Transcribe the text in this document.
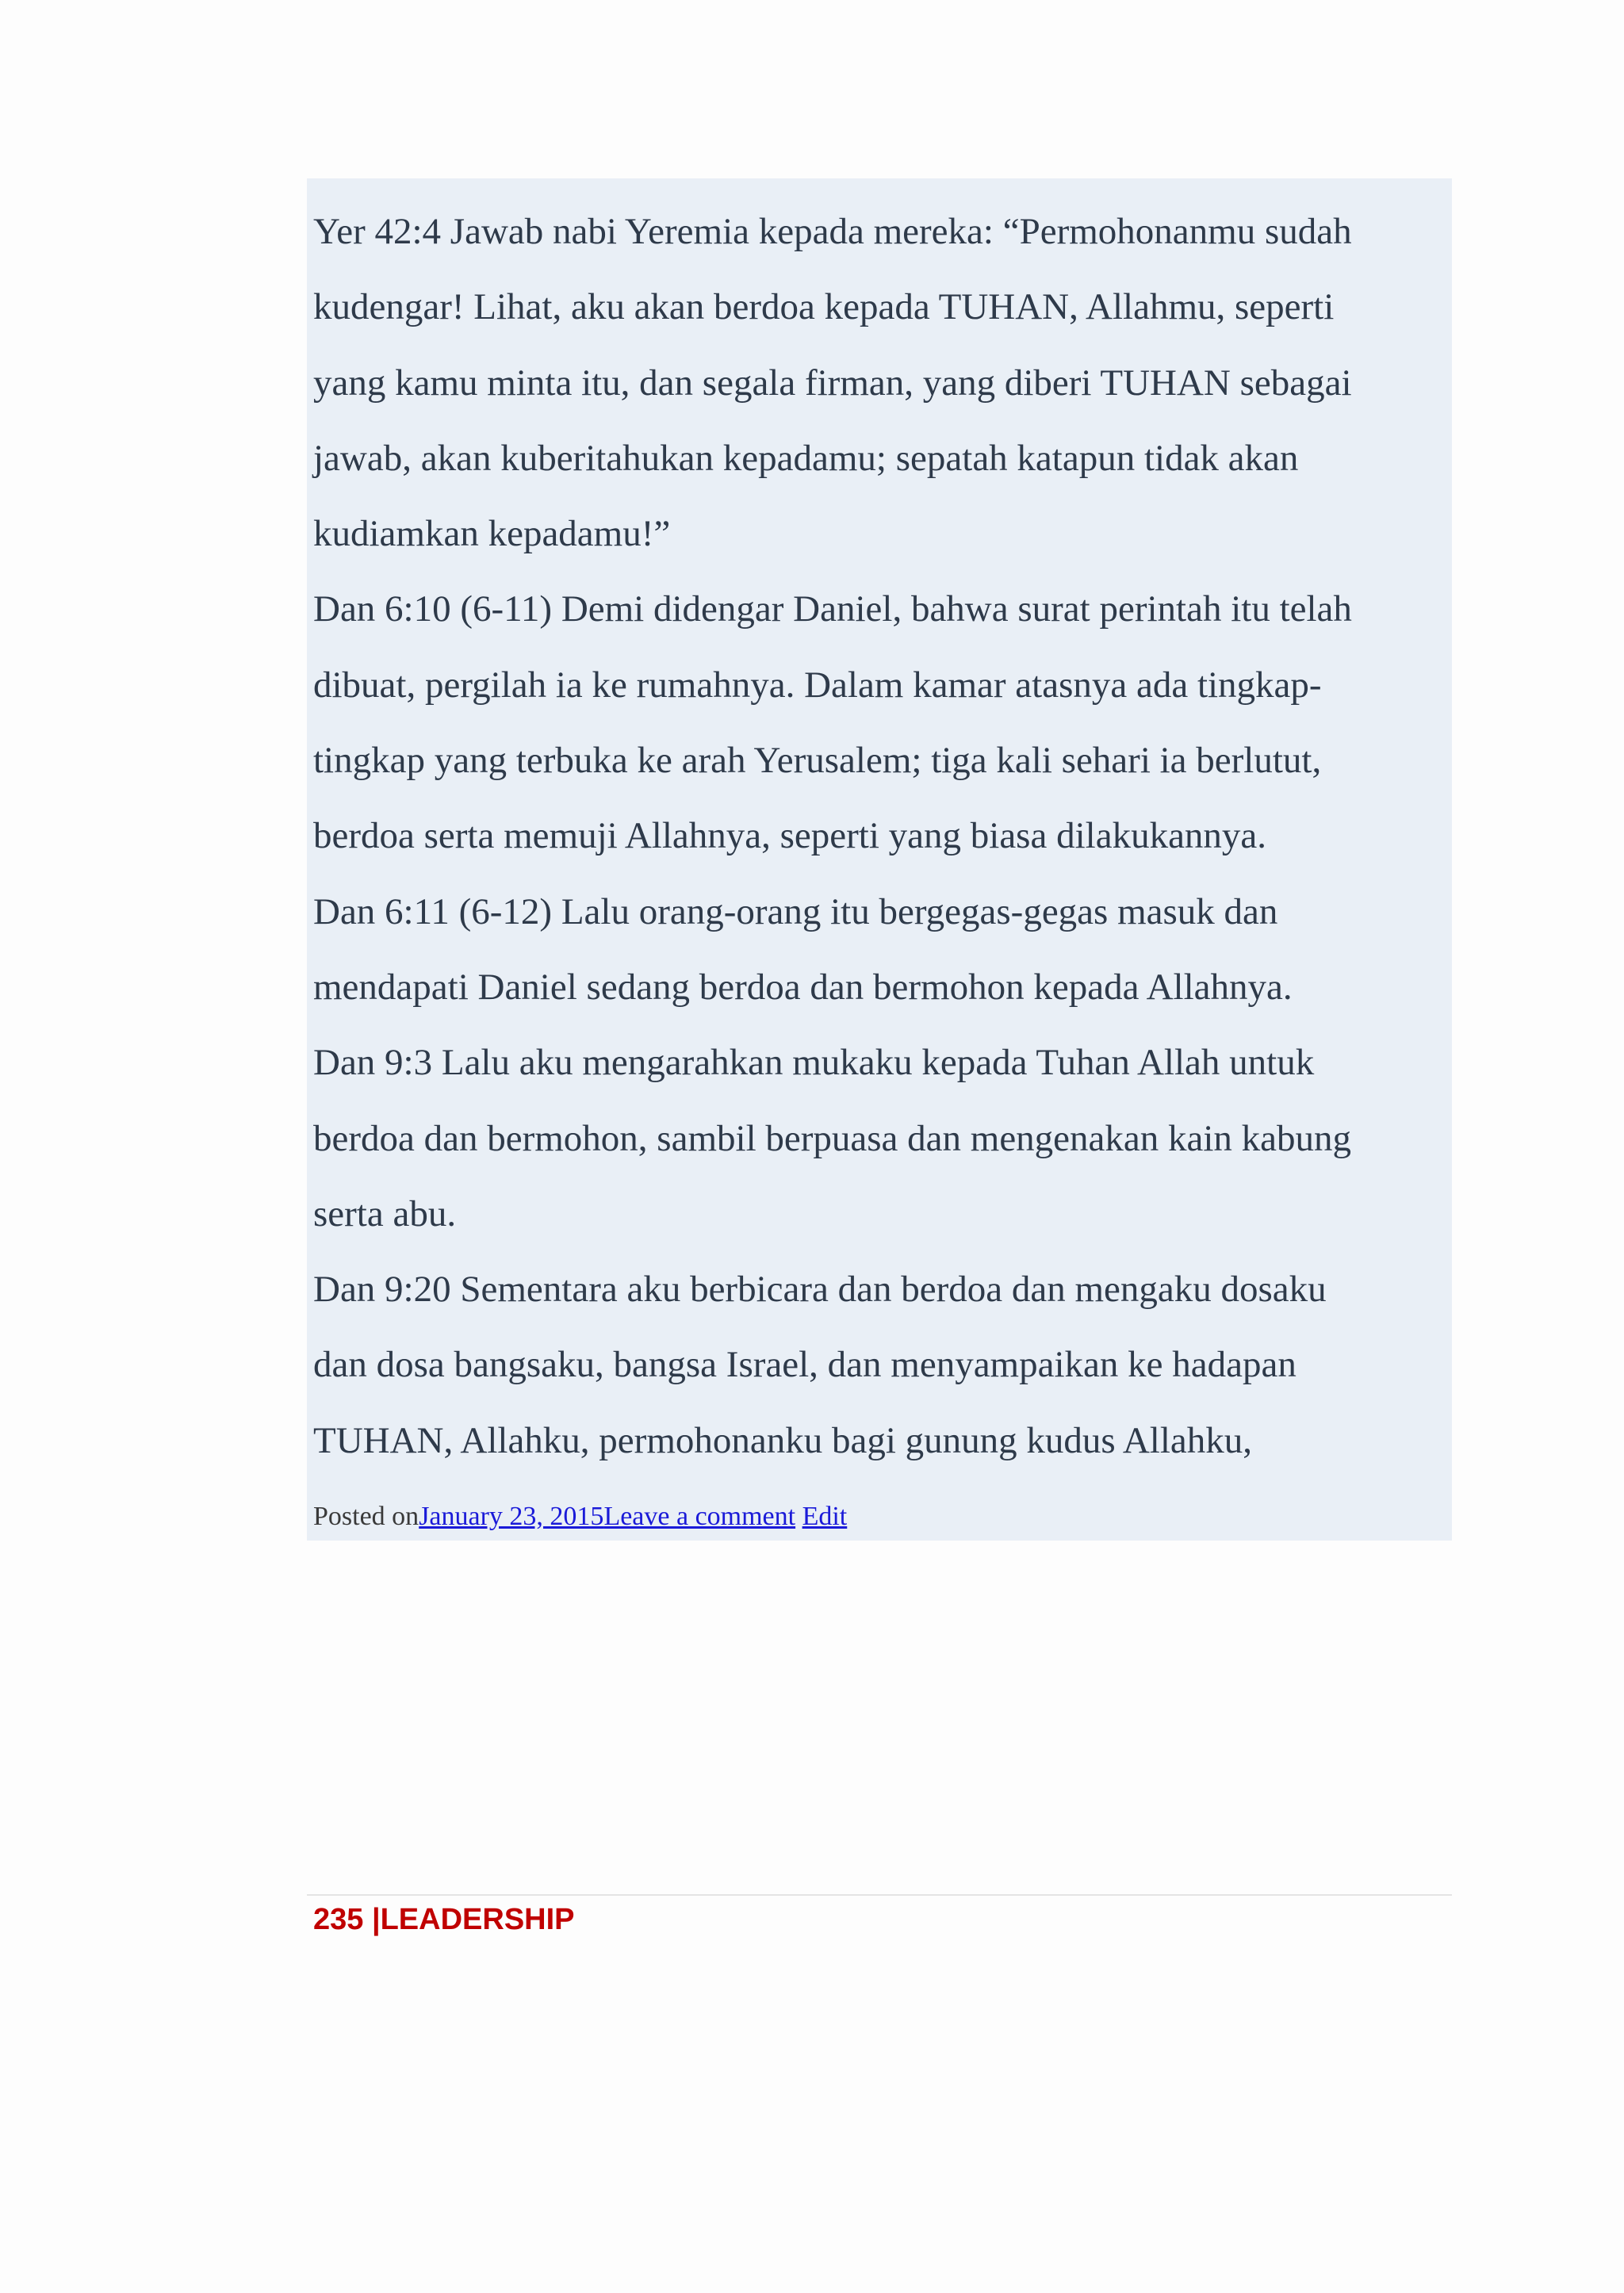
Yer 42:4 Jawab nabi Yeremia kepada mereka: “Permohonanmu sudah
kudengar! Lihat, aku akan berdoa kepada TUHAN, Allahmu, seperti
yang kamu minta itu, dan segala firman, yang diberi TUHAN sebagai
jawab, akan kuberitahukan kepadamu; sepatah katapun tidak akan
kudiamkan kepadamu!”
Dan 6:10 (6-11) Demi didengar Daniel, bahwa surat perintah itu telah
dibuat, pergilah ia ke rumahnya. Dalam kamar atasnya ada tingkap-
tingkap yang terbuka ke arah Yerusalem; tiga kali sehari ia berlutut,
berdoa serta memuji Allahnya, seperti yang biasa dilakukannya.
Dan 6:11 (6-12) Lalu orang-orang itu bergegas-gegas masuk dan
mendapati Daniel sedang berdoa dan bermohon kepada Allahnya.
Dan 9:3 Lalu aku mengarahkan mukaku kepada Tuhan Allah untuk
berdoa dan bermohon, sambil berpuasa dan mengenakan kain kabung
serta abu.
Dan 9:20 Sementara aku berbicara dan berdoa dan mengaku dosaku
dan dosa bangsaku, bangsa Israel, dan menyampaikan ke hadapan
TUHAN, Allahku, permohonanku bagi gunung kudus Allahku,
Posted onJanuary 23, 2015Leave a comment Edit
235 |LEADERSHIP
